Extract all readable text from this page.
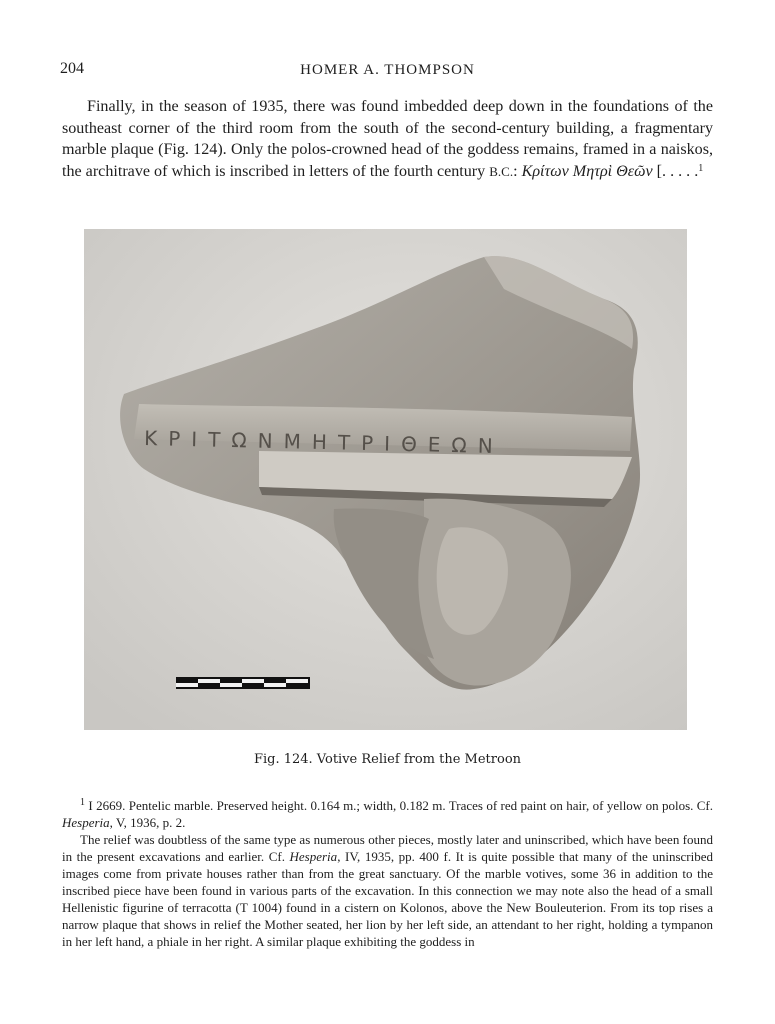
204	HOMER A. THOMPSON

Finally, in the season of 1935, there was found imbedded deep down in the foundations of the southeast corner of the third room from the south of the second-century building, a fragmentary marble plaque (Fig. 124). Only the polos-crowned head of the goddess remains, framed in a naiskos, the architrave of which is inscribed in letters of the fourth century B.C.: Κρίτων Μητρὶ Θεῶν [. . . . .$^1$

ΚΡΙΤΩΝΜΗΤΡΙΘΕΩΝ
Fig. 124. Votive Relief from the Metroon

$^1$ I 2669. Pentelic marble. Preserved height. 0.164 m.; width, 0.182 m. Traces of red paint on hair, of yellow on polos. Cf. Hesperia, V, 1936, p. 2.

The relief was doubtless of the same type as numerous other pieces, mostly later and uninscribed, which have been found in the present excavations and earlier. Cf. Hesperia, IV, 1935, pp. 400 f. It is quite possible that many of the uninscribed images come from private houses rather than from the great sanctuary. Of the marble votives, some 36 in addition to the inscribed piece have been found in various parts of the excavation. In this connection we may note also the head of a small Hellenistic figurine of terracotta (T 1004) found in a cistern on Kolonos, above the New Bouleuterion. From its top rises a narrow plaque that shows in relief the Mother seated, her lion by her left side, an attendant to her right, holding a tympanon in her left hand, a phiale in her right. A similar plaque exhibiting the goddess in
